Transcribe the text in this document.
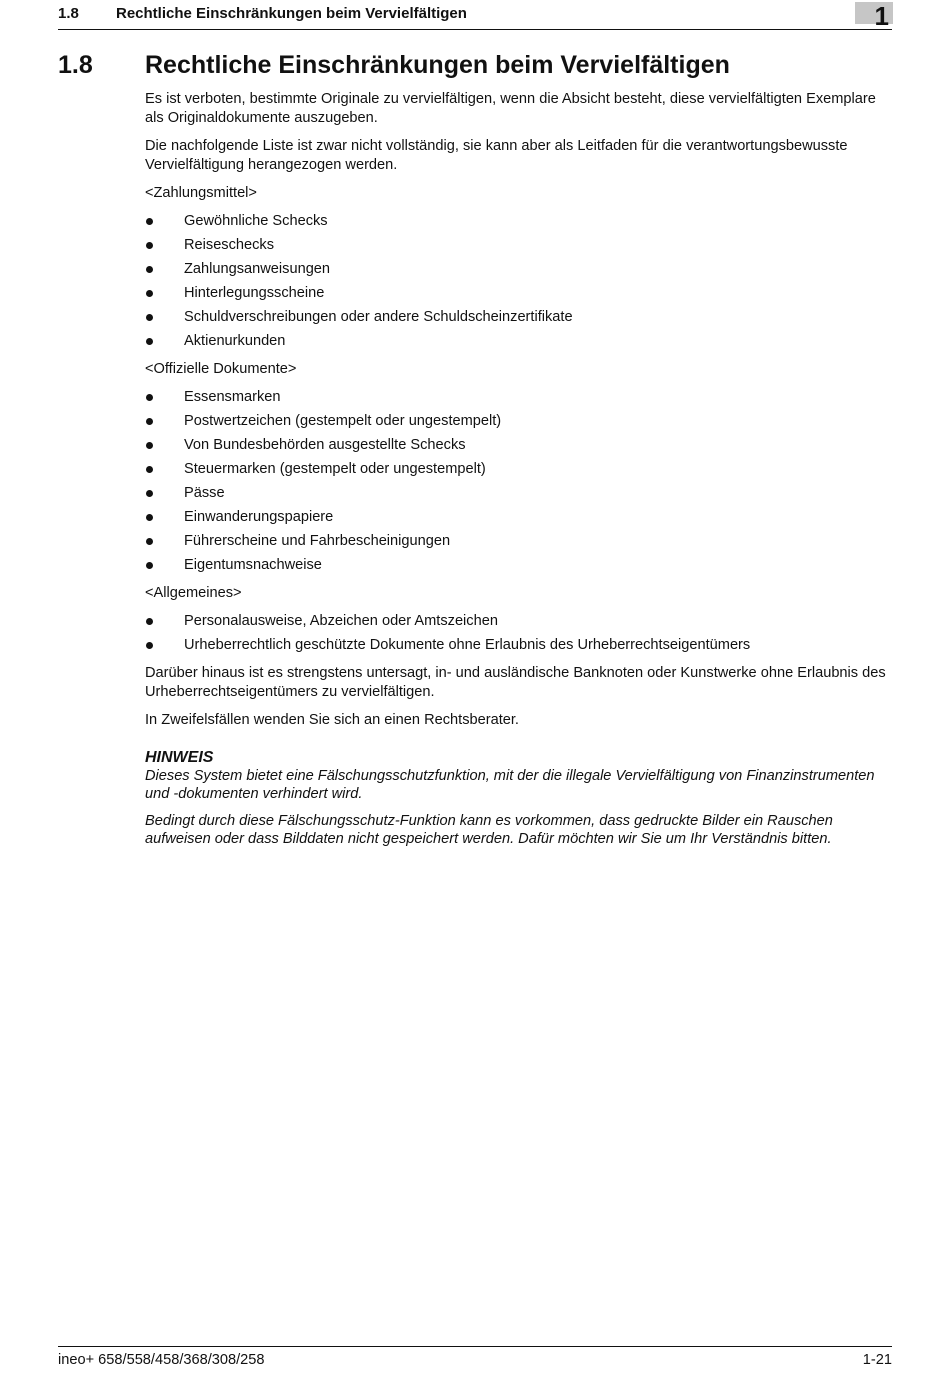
1.8 Rechtliche Einschränkungen beim Vervielfältigen	1
1.8 Rechtliche Einschränkungen beim Vervielfältigen

Es ist verboten, bestimmte Originale zu vervielfältigen, wenn die Absicht besteht, diese vervielfältigten Exemplare als Originaldokumente auszugeben.

Die nachfolgende Liste ist zwar nicht vollständig, sie kann aber als Leitfaden für die verantwortungsbewusste Vervielfältigung herangezogen werden.

<Zahlungsmittel>

Gewöhnliche Schecks
Reiseschecks
Zahlungsanweisungen
Hinterlegungsscheine
Schuldverschreibungen oder andere Schuldscheinzertifikate
Aktienurkunden

<Offizielle Dokumente>

Essensmarken
Postwertzeichen (gestempelt oder ungestempelt)
Von Bundesbehörden ausgestellte Schecks
Steuermarken (gestempelt oder ungestempelt)
Pässe
Einwanderungspapiere
Führerscheine und Fahrbescheinigungen
Eigentumsnachweise

<Allgemeines>

Personalausweise, Abzeichen oder Amtszeichen
Urheberrechtlich geschützte Dokumente ohne Erlaubnis des Urheberrechtseigentümers

Darüber hinaus ist es strengstens untersagt, in- und ausländische Banknoten oder Kunstwerke ohne Erlaubnis des Urheberrechtseigentümers zu vervielfältigen.

In Zweifelsfällen wenden Sie sich an einen Rechtsberater.

HINWEIS

Dieses System bietet eine Fälschungsschutzfunktion, mit der die illegale Vervielfältigung von Finanzinstrumenten und -dokumenten verhindert wird.

Bedingt durch diese Fälschungsschutz-Funktion kann es vorkommen, dass gedruckte Bilder ein Rauschen aufweisen oder dass Bilddaten nicht gespeichert werden. Dafür möchten wir Sie um Ihr Verständnis bitten.

ineo+ 658/558/458/368/308/258	1-21
